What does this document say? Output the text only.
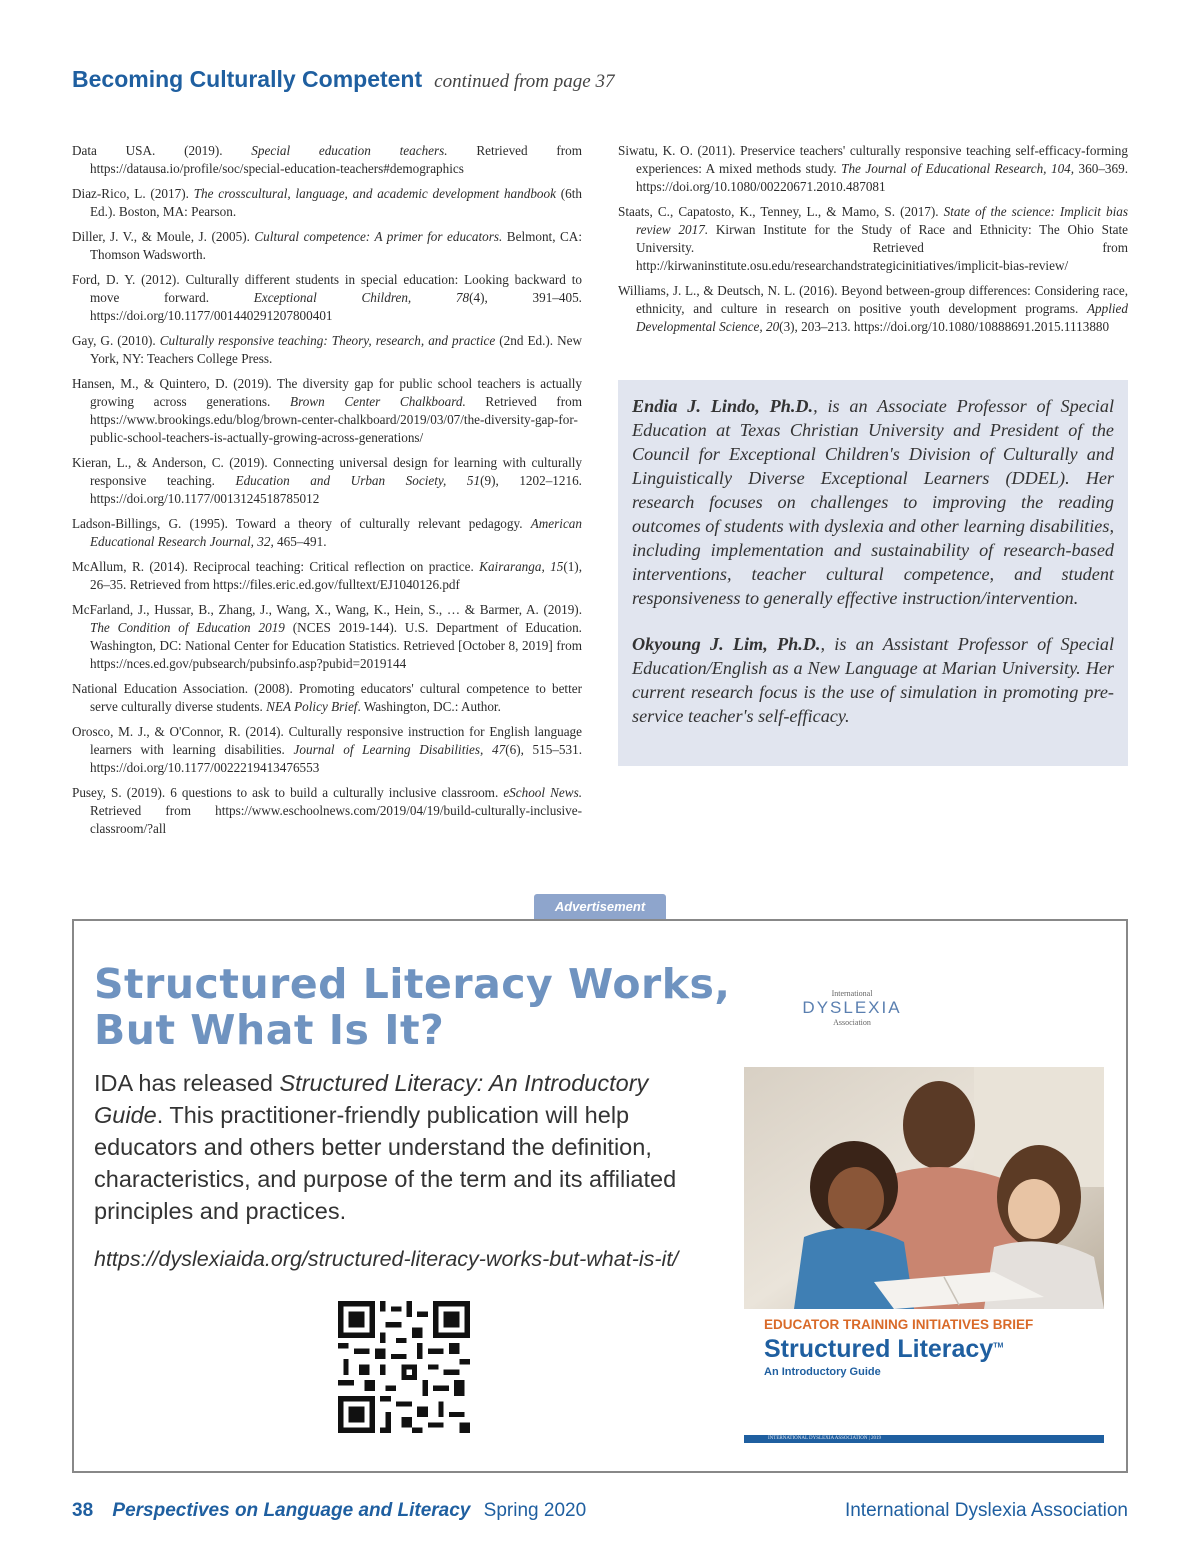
Becoming Culturally Competent continued from page 37

Data USA. (2019). Special education teachers. Retrieved from https://datausa.io/profile/soc/special-education-teachers#demographics

Diaz-Rico, L. (2017). The crosscultural, language, and academic development handbook (6th Ed.). Boston, MA: Pearson.

Diller, J. V., & Moule, J. (2005). Cultural competence: A primer for educators. Belmont, CA: Thomson Wadsworth.

Ford, D. Y. (2012). Culturally different students in special education: Looking backward to move forward. Exceptional Children, 78(4), 391–405. https://doi.org/10.1177/001440291207800401

Gay, G. (2010). Culturally responsive teaching: Theory, research, and practice (2nd Ed.). New York, NY: Teachers College Press.

Hansen, M., & Quintero, D. (2019). The diversity gap for public school teachers is actually growing across generations. Brown Center Chalkboard. Retrieved from https://www.brookings.edu/blog/brown-center-chalkboard/2019/03/07/the-diversity-gap-for-public-school-teachers-is-actually-growing-across-generations/

Kieran, L., & Anderson, C. (2019). Connecting universal design for learning with culturally responsive teaching. Education and Urban Society, 51(9), 1202–1216. https://doi.org/10.1177/0013124518785012

Ladson-Billings, G. (1995). Toward a theory of culturally relevant pedagogy. American Educational Research Journal, 32, 465–491.

McAllum, R. (2014). Reciprocal teaching: Critical reflection on practice. Kairaranga, 15(1), 26–35. Retrieved from https://files.eric.ed.gov/fulltext/EJ1040126.pdf

McFarland, J., Hussar, B., Zhang, J., Wang, X., Wang, K., Hein, S., … & Barmer, A. (2019). The Condition of Education 2019 (NCES 2019-144). U.S. Department of Education. Washington, DC: National Center for Education Statistics. Retrieved [October 8, 2019] from https://nces.ed.gov/pubsearch/pubsinfo.asp?pubid=2019144

National Education Association. (2008). Promoting educators' cultural competence to better serve culturally diverse students. NEA Policy Brief. Washington, DC.: Author.

Orosco, M. J., & O'Connor, R. (2014). Culturally responsive instruction for English language learners with learning disabilities. Journal of Learning Disabilities, 47(6), 515–531. https://doi.org/10.1177/0022219413476553

Pusey, S. (2019). 6 questions to ask to build a culturally inclusive classroom. eSchool News. Retrieved from https://www.eschoolnews.com/2019/04/19/build-culturally-inclusive-classroom/?all

Siwatu, K. O. (2011). Preservice teachers' culturally responsive teaching self-efficacy-forming experiences: A mixed methods study. The Journal of Educational Research, 104, 360–369. https://doi.org/10.1080/00220671.2010.487081

Staats, C., Capatosto, K., Tenney, L., & Mamo, S. (2017). State of the science: Implicit bias review 2017. Kirwan Institute for the Study of Race and Ethnicity: The Ohio State University. Retrieved from http://kirwaninstitute.osu.edu/researchandstrategicinitiatives/implicit-bias-review/

Williams, J. L., & Deutsch, N. L. (2016). Beyond between-group differences: Considering race, ethnicity, and culture in research on positive youth development programs. Applied Developmental Science, 20(3), 203–213. https://doi.org/10.1080/10888691.2015.1113880

Endia J. Lindo, Ph.D., is an Associate Professor of Special Education at Texas Christian University and President of the Council for Exceptional Children's Division of Culturally and Linguistically Diverse Exceptional Learners (DDEL). Her research focuses on challenges to improving the reading outcomes of students with dyslexia and other learning disabilities, including implementation and sustainability of research-based interventions, teacher cultural competence, and student responsiveness to generally effective instruction/intervention.

Okyoung J. Lim, Ph.D., is an Assistant Professor of Special Education/English as a New Language at Marian University. Her current research focus is the use of simulation in promoting pre-service teacher's self-efficacy.

Advertisement
Structured Literacy Works,
But What Is It?
IDA has released Structured Literacy: An Introductory Guide. This practitioner-friendly publication will help educators and others better understand the definition, characteristics, and purpose of the term and its affiliated principles and practices.
https://dyslexiaida.org/structured-literacy-works-but-what-is-it/
International
DYSLEXIA
Association
EDUCATOR TRAINING INITIATIVES BRIEF
Structured Literacy™
An Introductory Guide
INTERNATIONAL DYSLEXIA ASSOCIATION | 2019
38 Perspectives on Language and Literacy Spring 2020	International Dyslexia Association
